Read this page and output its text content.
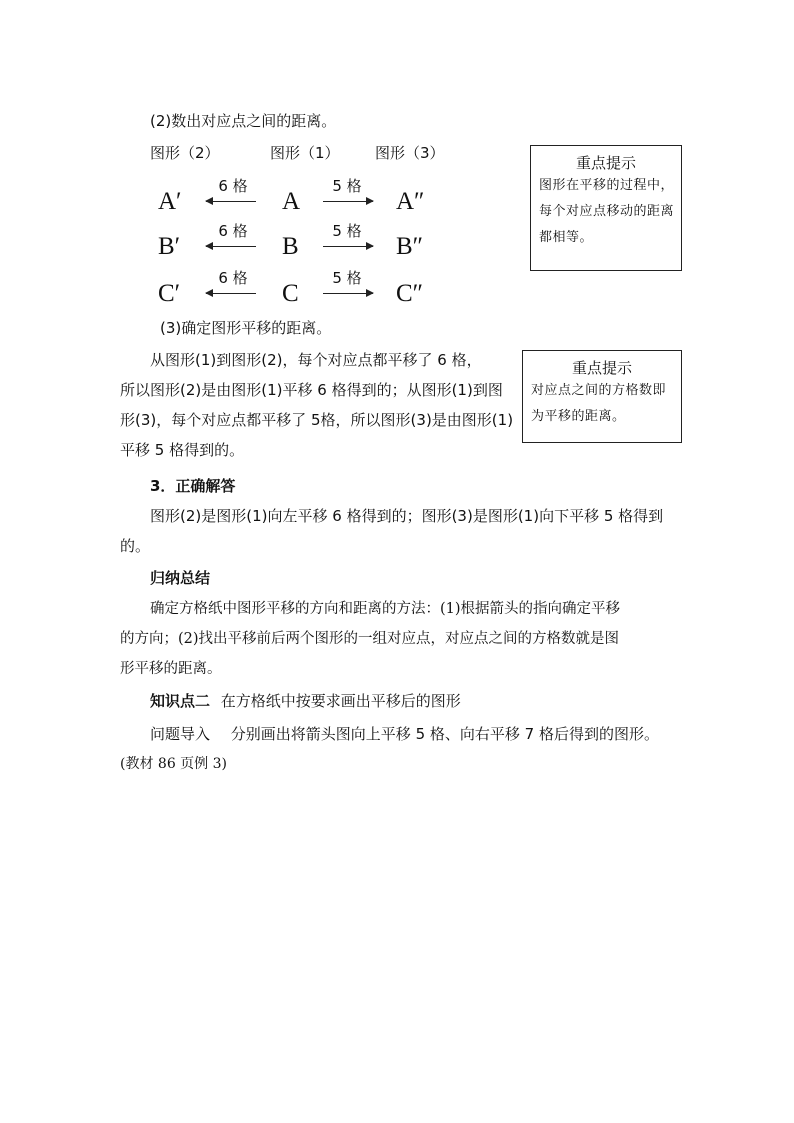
(2)数出对应点之间的距离。
图形（2）	图形（1） 图形（3）
A′
6 格
A
5 格
A″
B′
6 格
B
5 格
B″
C′
6 格
C
5 格
C″
重点提示
图形在平移的过程中，每个对应点移动的距离都相等。
(3)确定图形平移的距离。
从图形(1)到图形(2)，每个对应点都平移了 6 格，
所以图形(2)是由图形(1)平移 6 格得到的；从图形(1)到图
形(3)，每个对应点都平移了 5格，所以图形(3)是由图形(1)
平移 5 格得到的。
重点提示
对应点之间的方格数即为平移的距离。
3．正确解答
图形(2)是图形(1)向左平移 6 格得到的；图形(3)是图形(1)向下平移 5 格得到
的。
归纳总结
确定方格纸中图形平移的方向和距离的方法：(1)根据箭头的指向确定平移
的方向；(2)找出平移前后两个图形的一组对应点，对应点之间的方格数就是图
形平移的距离。
知识点二 在方格纸中按要求画出平移后的图形
问题导入 分别画出将箭头图向上平移 5 格、向右平移 7 格后得到的图形。
(教材 86 页例 3)
